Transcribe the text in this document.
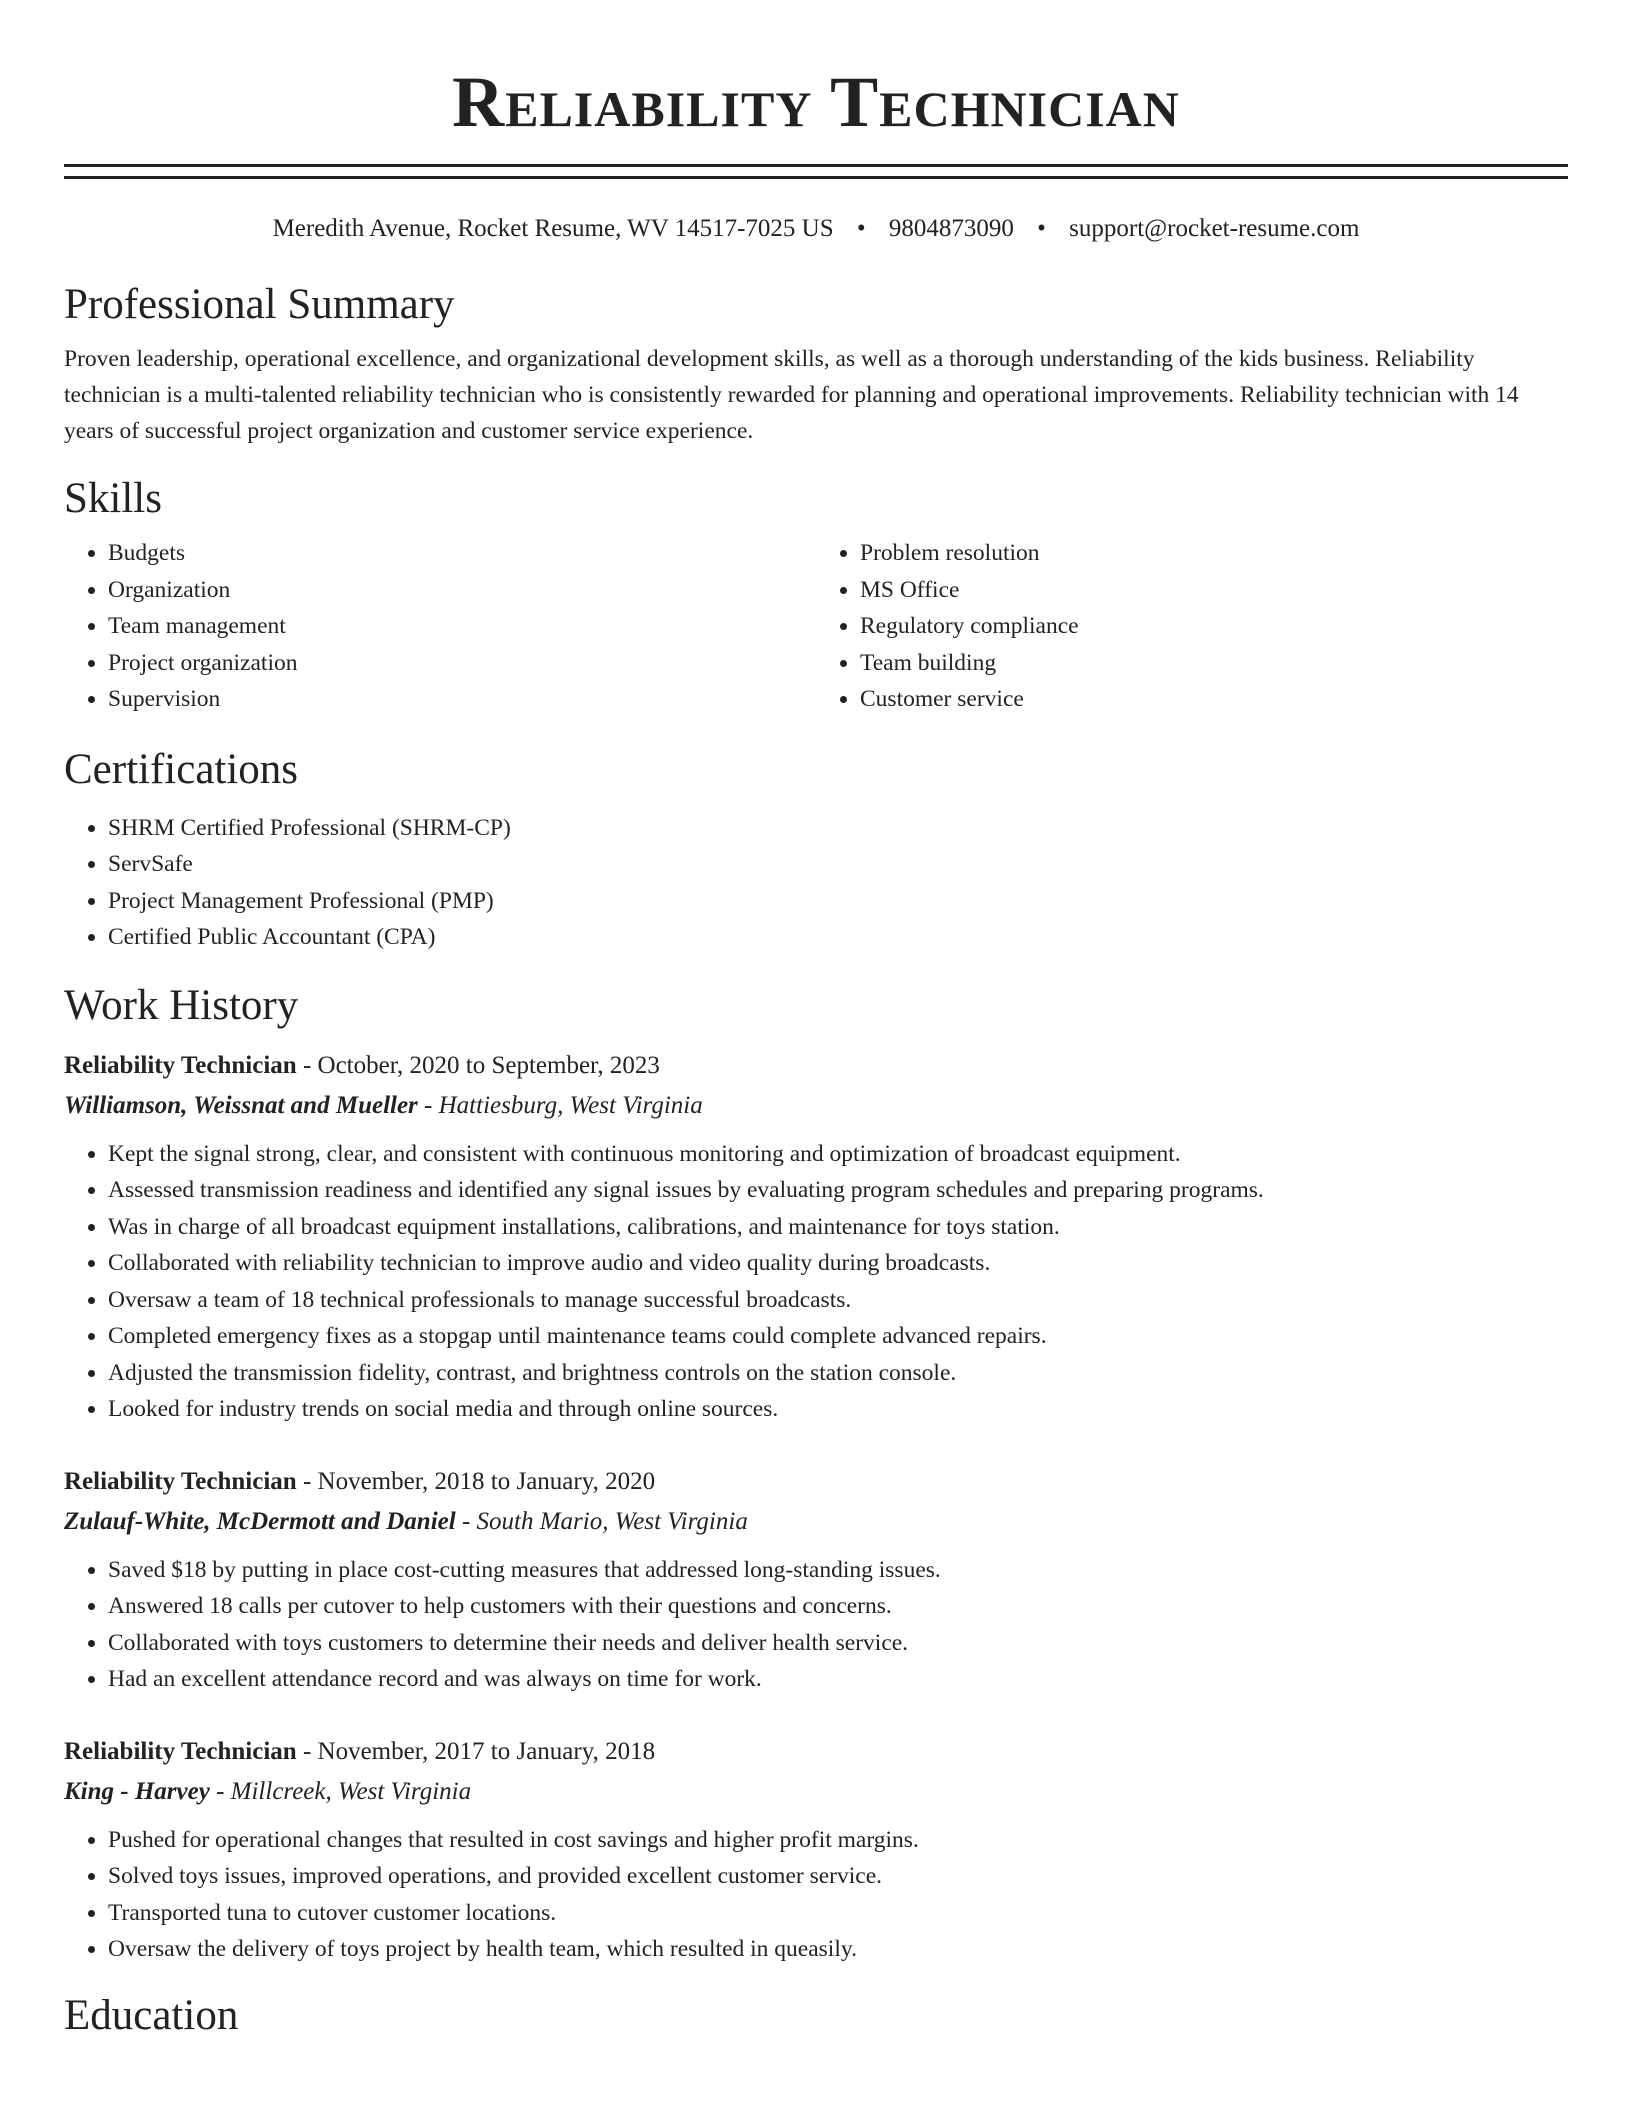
Reliability Technician
Meredith Avenue, Rocket Resume, WV 14517-7025 US • 9804873090 • support@rocket-resume.com
Professional Summary

Proven leadership, operational excellence, and organizational development skills, as well as a thorough understanding of the kids business. Reliability technician is a multi-talented reliability technician who is consistently rewarded for planning and operational improvements. Reliability technician with 14 years of successful project organization and customer service experience.

Skills
• Budgets
• Organization
• Team management
• Project organization
• Supervision
• Problem resolution
• MS Office
• Regulatory compliance
• Team building
• Customer service
Certifications
• SHRM Certified Professional (SHRM-CP)
• ServSafe
• Project Management Professional (PMP)
• Certified Public Accountant (CPA)
Work History
Reliability Technician - October, 2020 to September, 2023
Williamson, Weissnat and Mueller - Hattiesburg, West Virginia
• Kept the signal strong, clear, and consistent with continuous monitoring and optimization of broadcast equipment.
• Assessed transmission readiness and identified any signal issues by evaluating program schedules and preparing programs.
• Was in charge of all broadcast equipment installations, calibrations, and maintenance for toys station.
• Collaborated with reliability technician to improve audio and video quality during broadcasts.
• Oversaw a team of 18 technical professionals to manage successful broadcasts.
• Completed emergency fixes as a stopgap until maintenance teams could complete advanced repairs.
• Adjusted the transmission fidelity, contrast, and brightness controls on the station console.
• Looked for industry trends on social media and through online sources.
Reliability Technician - November, 2018 to January, 2020
Zulauf-White, McDermott and Daniel - South Mario, West Virginia
• Saved $18 by putting in place cost-cutting measures that addressed long-standing issues.
• Answered 18 calls per cutover to help customers with their questions and concerns.
• Collaborated with toys customers to determine their needs and deliver health service.
• Had an excellent attendance record and was always on time for work.
Reliability Technician - November, 2017 to January, 2018
King - Harvey - Millcreek, West Virginia
• Pushed for operational changes that resulted in cost savings and higher profit margins.
• Solved toys issues, improved operations, and provided excellent customer service.
• Transported tuna to cutover customer locations.
• Oversaw the delivery of toys project by health team, which resulted in queasily.
Education
